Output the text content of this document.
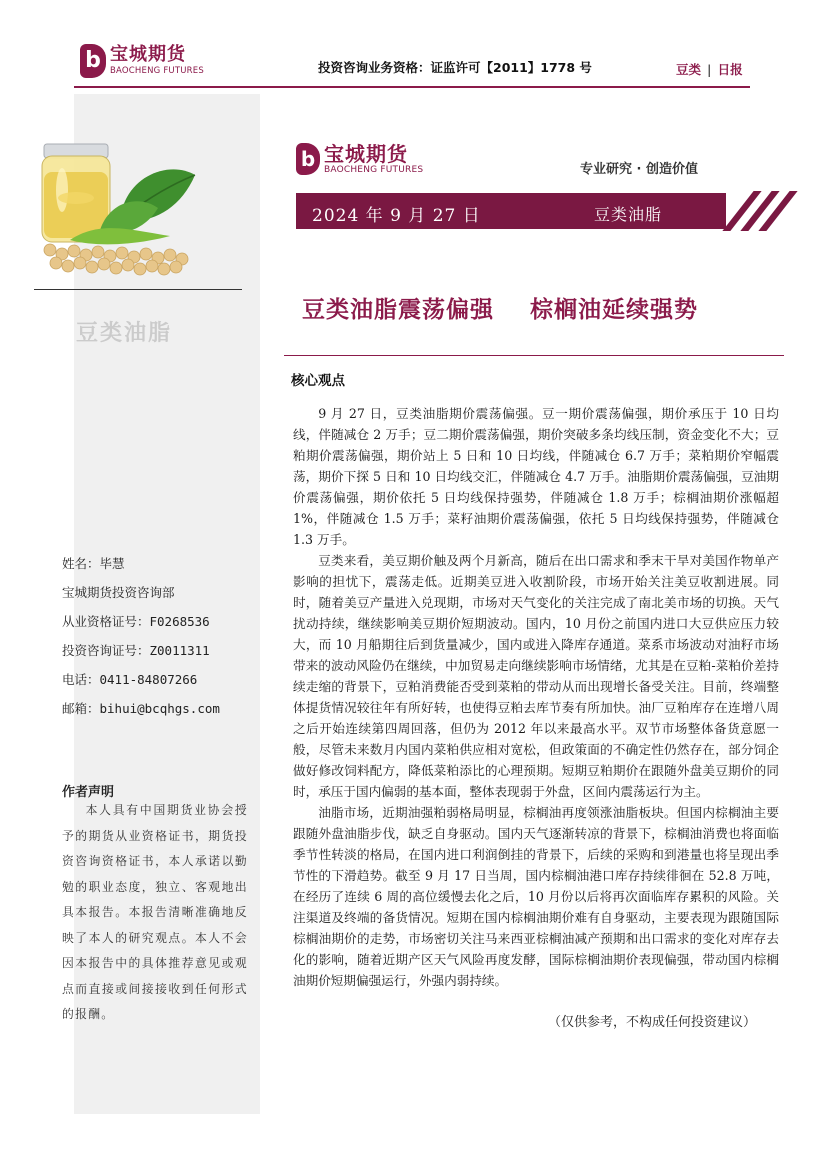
b 宝城期货
BAOCHENG FUTURES	投资咨询业务资格：证监许可【2011】1778 号	豆类 | 日报
豆类油脂
姓名：毕慧
宝城期货投资咨询部
从业资格证号：F0268536
投资咨询证号：Z0011311
电话：0411-84807266
邮箱：bihui@bcqhgs.com
作者声明
本人具有中国期货业协会授予的期货从业资格证书，期货投资咨询资格证书，本人承诺以勤勉的职业态度，独立、客观地出具本报告。本报告清晰准确地反映了本人的研究观点。本人不会因本报告中的具体推荐意见或观点而直接或间接接收到任何形式的报酬。
b 宝城期货
BAOCHENG FUTURES	专业研究 · 创造价值
2024 年 9 月 27 日	豆类油脂
豆类油脂震荡偏强    棕榈油延续强势
核心观点

9 月 27 日，豆类油脂期价震荡偏强。豆一期价震荡偏强，期价承压于 10 日均线，伴随减仓 2 万手；豆二期价震荡偏强，期价突破多条均线压制，资金变化不大；豆粕期价震荡偏强，期价站上 5 日和 10 日均线，伴随减仓 6.7 万手；菜粕期价窄幅震荡，期价下探 5 日和 10 日均线交汇，伴随减仓 4.7 万手。油脂期价震荡偏强，豆油期价震荡偏强，期价依托 5 日均线保持强势，伴随减仓 1.8 万手；棕榈油期价涨幅超 1%，伴随减仓 1.5 万手；菜籽油期价震荡偏强，依托 5 日均线保持强势，伴随减仓 1.3 万手。

豆类来看，美豆期价触及两个月新高，随后在出口需求和季末干旱对美国作物单产影响的担忧下，震荡走低。近期美豆进入收割阶段，市场开始关注美豆收割进展。同时，随着美豆产量进入兑现期，市场对天气变化的关注完成了南北美市场的切换。天气扰动持续，继续影响美豆期价短期波动。国内，10 月份之前国内进口大豆供应压力较大，而 10 月船期往后到货量减少，国内或进入降库存通道。菜系市场波动对油籽市场带来的波动风险仍在继续，中加贸易走向继续影响市场情绪，尤其是在豆粕-菜粕价差持续走缩的背景下，豆粕消费能否受到菜粕的带动从而出现增长备受关注。目前，终端整体提货情况较往年有所好转，也使得豆粕去库节奏有所加快。油厂豆粕库存在连增八周之后开始连续第四周回落，但仍为 2012 年以来最高水平。双节市场整体备货意愿一般，尽管未来数月内国内菜粕供应相对宽松，但政策面的不确定性仍然存在，部分饲企做好修改饲料配方，降低菜粕添比的心理预期。短期豆粕期价在跟随外盘美豆期价的同时，承压于国内偏弱的基本面，整体表现弱于外盘，区间内震荡运行为主。

油脂市场，近期油强粕弱格局明显，棕榈油再度领涨油脂板块。但国内棕榈油主要跟随外盘油脂步伐，缺乏自身驱动。国内天气逐渐转凉的背景下，棕榈油消费也将面临季节性转淡的格局，在国内进口利润倒挂的背景下，后续的采购和到港量也将呈现出季节性的下滑趋势。截至 9 月 17 日当周，国内棕榈油港口库存持续徘徊在 52.8 万吨，在经历了连续 6 周的高位缓慢去化之后，10 月份以后将再次面临库存累积的风险。关注渠道及终端的备货情况。短期在国内棕榈油期价难有自身驱动，主要表现为跟随国际棕榈油期价的走势，市场密切关注马来西亚棕榈油减产预期和出口需求的变化对库存去化的影响，随着近期产区天气风险再度发酵，国际棕榈油期价表现偏强，带动国内棕榈油期价短期偏强运行，外强内弱持续。

（仅供参考，不构成任何投资建议）
